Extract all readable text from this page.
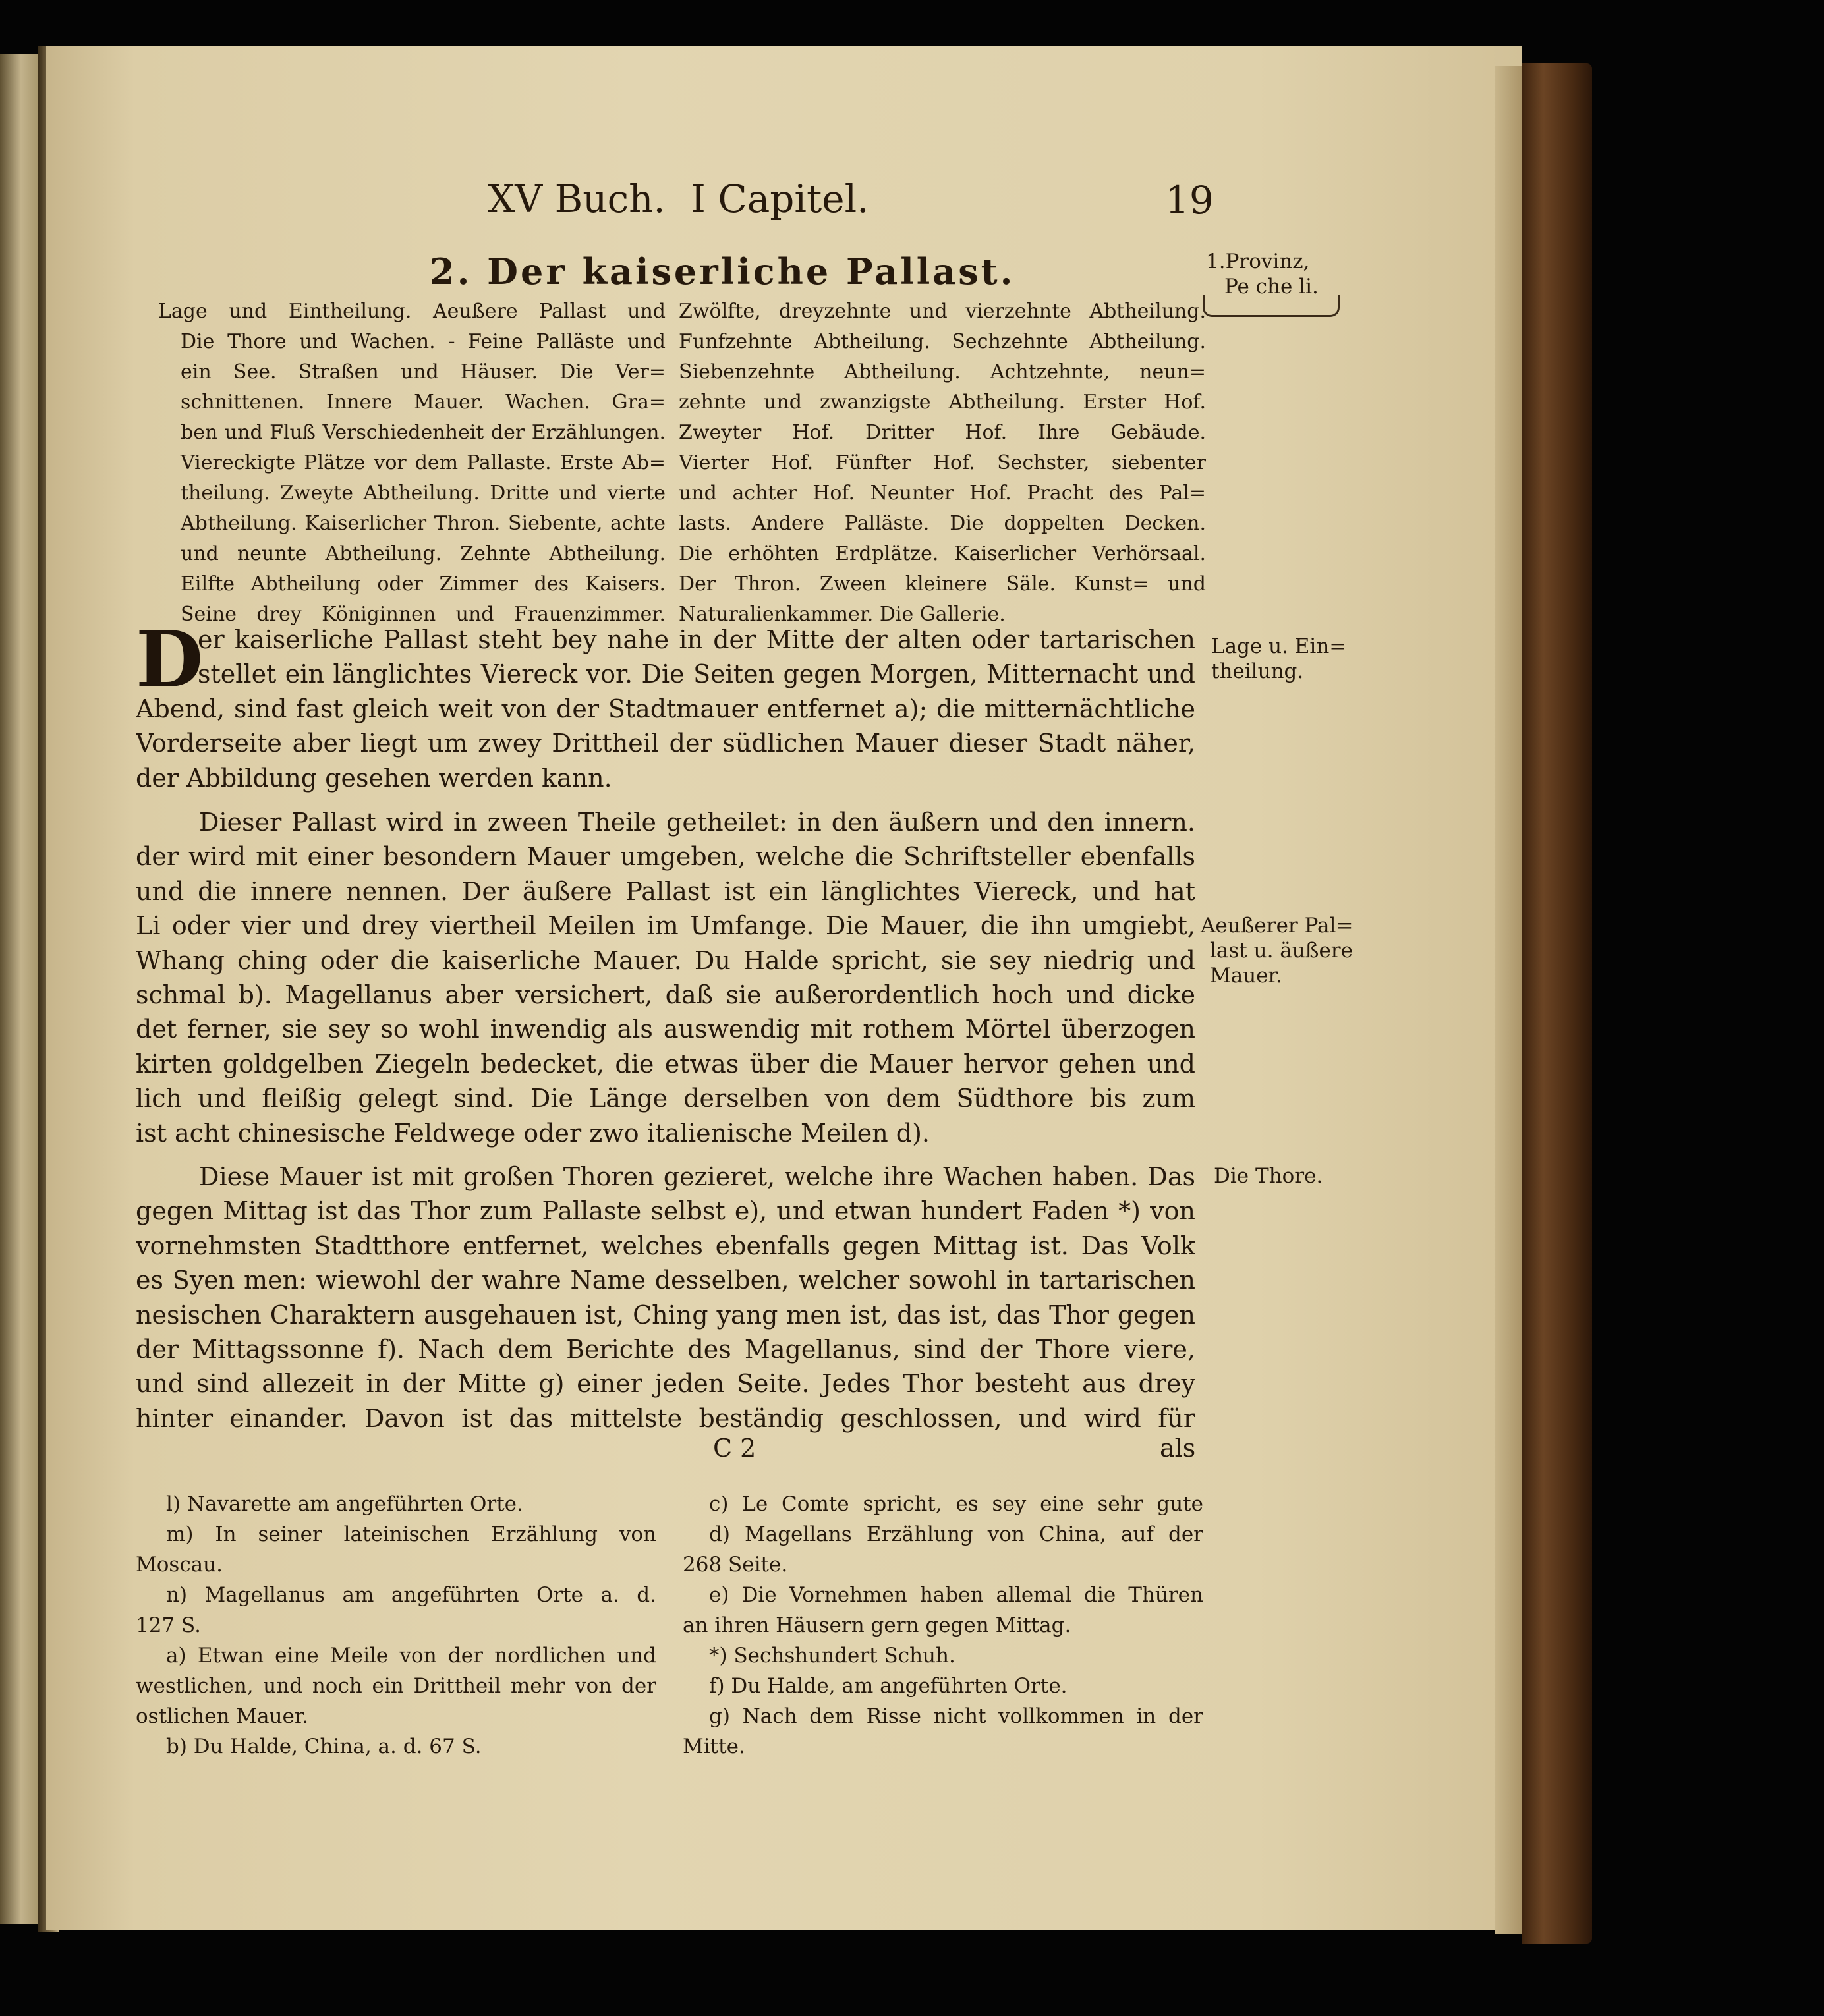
XV Buch. I Capitel.	19
1.Provinz,
Pe che li.
2. Der kaiserliche Pallast.
Lage und Eintheilung. Aeußere Pallast und
Die Thore und Wachen. - Feine Palläste und
ein See. Straßen und Häuser. Die Ver=
schnittenen. Innere Mauer. Wachen. Gra=
ben und Fluß Verschiedenheit der Erzählungen.
Viereckigte Plätze vor dem Pallaste. Erste Ab=
theilung. Zweyte Abtheilung. Dritte und vierte
Abtheilung. Kaiserlicher Thron. Siebente, achte
und neunte Abtheilung. Zehnte Abtheilung.
Eilfte Abtheilung oder Zimmer des Kaisers.
Seine drey Königinnen und Frauenzimmer.
Zwölfte, dreyzehnte und vierzehnte Abtheilung.
Funfzehnte Abtheilung. Sechzehnte Abtheilung.
Siebenzehnte Abtheilung. Achtzehnte, neun=
zehnte und zwanzigste Abtheilung. Erster Hof.
Zweyter Hof. Dritter Hof. Ihre Gebäude.
Vierter Hof. Fünfter Hof. Sechster, siebenter
und achter Hof. Neunter Hof. Pracht des Pal=
lasts. Andere Palläste. Die doppelten Decken.
Die erhöhten Erdplätze. Kaiserlicher Verhörsaal.
Der Thron. Zween kleinere Säle. Kunst= und
Naturalienkammer. Die Gallerie.
D
er kaiserliche Pallast steht bey nahe in der Mitte der alten oder tartarischen
stellet ein länglichtes Viereck vor. Die Seiten gegen Morgen, Mitternacht und
Abend, sind fast gleich weit von der Stadtmauer entfernet a); die mitternächtliche
Vorderseite aber liegt um zwey Drittheil der südlichen Mauer dieser Stadt näher,
der Abbildung gesehen werden kann.
Dieser Pallast wird in zween Theile getheilet: in den äußern und den innern.
der wird mit einer besondern Mauer umgeben, welche die Schriftsteller ebenfalls
und die innere nennen. Der äußere Pallast ist ein länglichtes Viereck, und hat
Li oder vier und drey viertheil Meilen im Umfange. Die Mauer, die ihn umgiebt,
Whang ching oder die kaiserliche Mauer. Du Halde spricht, sie sey niedrig und
schmal b). Magellanus aber versichert, daß sie außerordentlich hoch und dicke
det ferner, sie sey so wohl inwendig als auswendig mit rothem Mörtel überzogen
kirten goldgelben Ziegeln bedecket, die etwas über die Mauer hervor gehen und
lich und fleißig gelegt sind. Die Länge derselben von dem Südthore bis zum
ist acht chinesische Feldwege oder zwo italienische Meilen d).
Diese Mauer ist mit großen Thoren gezieret, welche ihre Wachen haben. Das
gegen Mittag ist das Thor zum Pallaste selbst e), und etwan hundert Faden *) von
vornehmsten Stadtthore entfernet, welches ebenfalls gegen Mittag ist. Das Volk
es Syen men: wiewohl der wahre Name desselben, welcher sowohl in tartarischen
nesischen Charaktern ausgehauen ist, Ching yang men ist, das ist, das Thor gegen
der Mittagssonne f). Nach dem Berichte des Magellanus, sind der Thore viere,
und sind allezeit in der Mitte g) einer jeden Seite. Jedes Thor besteht aus drey
hinter einander. Davon ist das mittelste beständig geschlossen, und wird für
C 2	als
Lage u. Ein=
theilung.
Aeußerer Pal=
last u. äußere
Mauer.
Die Thore.
l) Navarette am angeführten Orte.
m) In seiner lateinischen Erzählung von
Moscau.
n) Magellanus am angeführten Orte a. d.
127 S.
a) Etwan eine Meile von der nordlichen und
westlichen, und noch ein Drittheil mehr von der
ostlichen Mauer.
b) Du Halde, China, a. d. 67 S.
c) Le Comte spricht, es sey eine sehr gute
d) Magellans Erzählung von China, auf der
268 Seite.
e) Die Vornehmen haben allemal die Thüren
an ihren Häusern gern gegen Mittag.
*) Sechshundert Schuh.
f) Du Halde, am angeführten Orte.
g) Nach dem Risse nicht vollkommen in der
Mitte.
